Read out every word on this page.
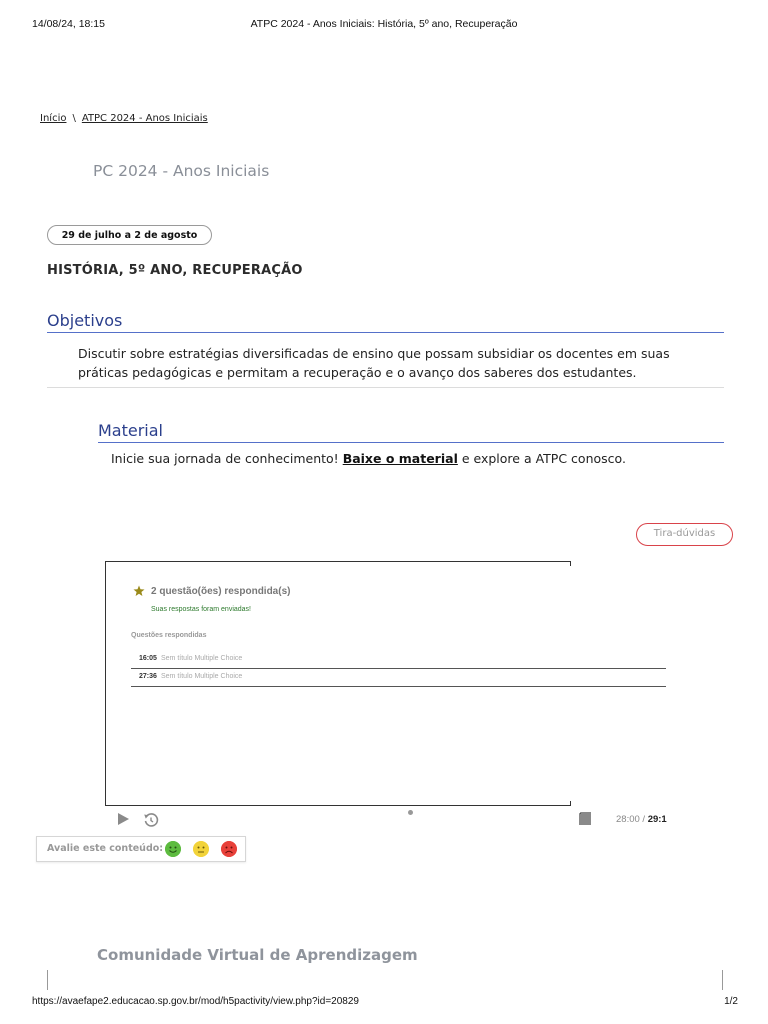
14/08/24, 18:15	ATPC 2024 - Anos Iniciais: História, 5º ano, Recuperação
Início \ ATPC 2024 - Anos Iniciais
PC 2024 - Anos Iniciais
29 de julho a 2 de agosto
HISTÓRIA, 5º ANO, RECUPERAÇÃO
Objetivos
Discutir sobre estratégias diversificadas de ensino que possam subsidiar os docentes em suas práticas pedagógicas e permitam a recuperação e o avanço dos saberes dos estudantes.
Material
Inicie sua jornada de conhecimento! Baixe o material e explore a ATPC conosco.
Tira-dúvidas
2 questão(ões) respondida(s)
Suas respostas foram enviadas!
Questões respondidas
16:05 Sem título Multiple Choice
27:36 Sem título Multiple Choice
28:00 / 29:1
Avalie este conteúdo:
Comunidade Virtual de Aprendizagem
https://avaefape2.educacao.sp.gov.br/mod/h5pactivity/view.php?id=20829	1/2
